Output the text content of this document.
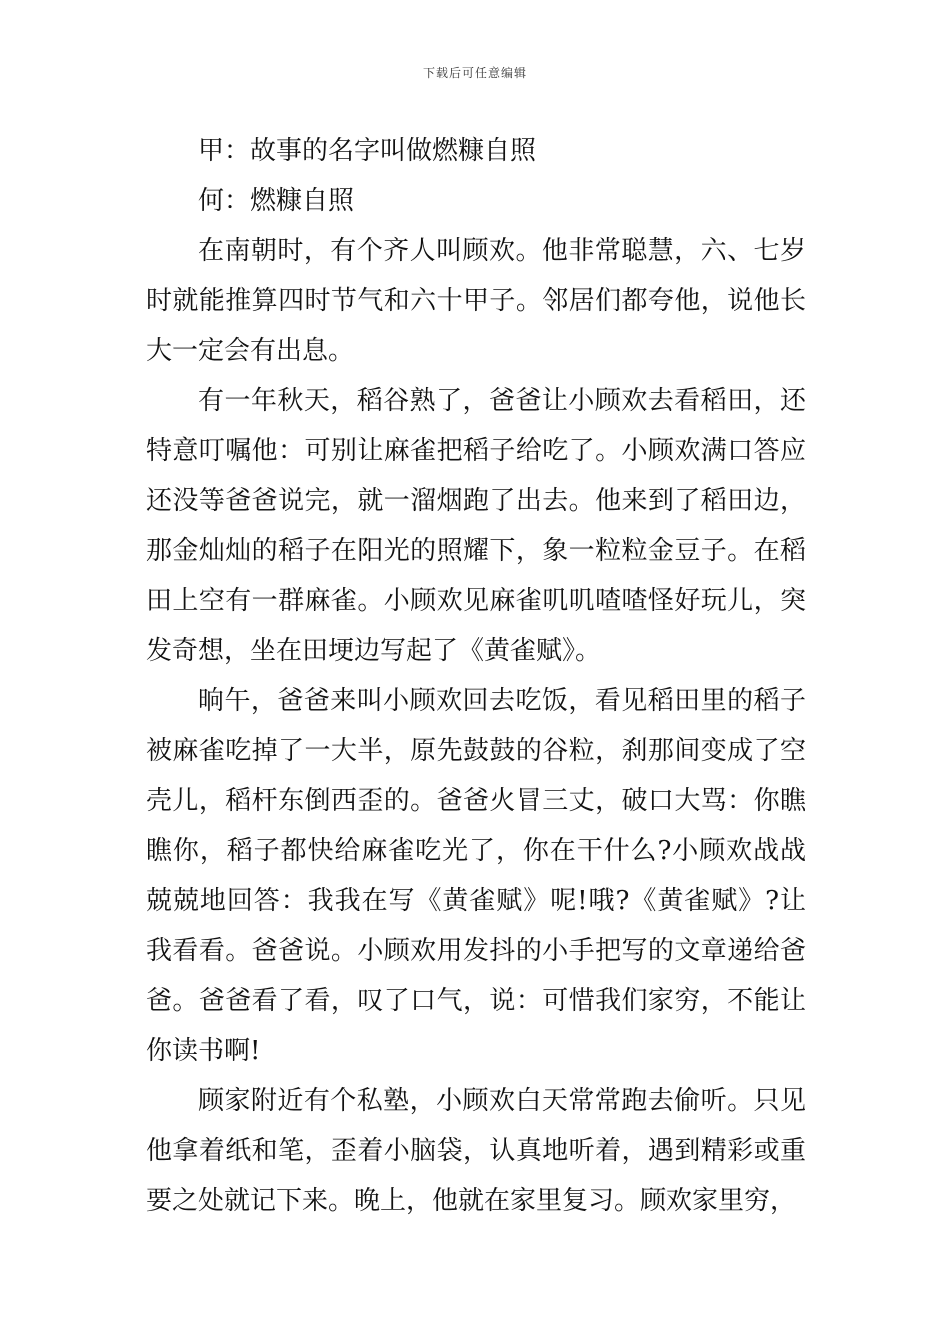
下载后可任意编辑

甲：故事的名字叫做燃糠自照

何：燃糠自照

在南朝时，有个齐人叫顾欢。他非常聪慧，六、七岁时就能推算四时节气和六十甲子。邻居们都夸他，说他长大一定会有出息。

有一年秋天，稻谷熟了，爸爸让小顾欢去看稻田，还特意叮嘱他：可别让麻雀把稻子给吃了。小顾欢满口答应还没等爸爸说完，就一溜烟跑了出去。他来到了稻田边，那金灿灿的稻子在阳光的照耀下，象一粒粒金豆子。在稻田上空有一群麻雀。小顾欢见麻雀叽叽喳喳怪好玩儿，突发奇想，坐在田埂边写起了《黄雀赋》。

晌午，爸爸来叫小顾欢回去吃饭，看见稻田里的稻子被麻雀吃掉了一大半，原先鼓鼓的谷粒，刹那间变成了空壳儿，稻杆东倒西歪的。爸爸火冒三丈，破口大骂：你瞧瞧你，稻子都快给麻雀吃光了，你在干什么?小顾欢战战兢兢地回答：我我在写《黄雀赋》呢!哦?《黄雀赋》?让我看看。爸爸说。小顾欢用发抖的小手把写的文章递给爸爸。爸爸看了看，叹了口气，说：可惜我们家穷，不能让你读书啊!

顾家附近有个私塾，小顾欢白天常常跑去偷听。只见他拿着纸和笔，歪着小脑袋，认真地听着，遇到精彩或重要之处就记下来。晚上，他就在家里复习。顾欢家里穷，
